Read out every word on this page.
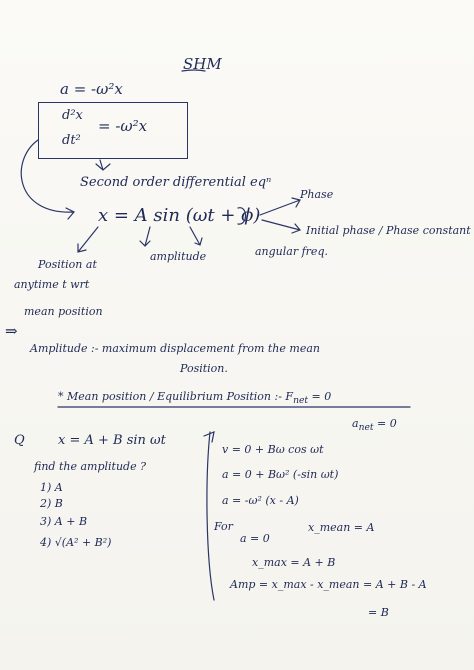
SHM
a = -ω²x
d²x
dt²
= -ω²x
Second order differential eqⁿ
x = A sin (ωt + ϕ)
Phase
Initial phase / Phase constant
amplitude	angular freq.
Position at
anytime t wrt
mean position
⇒
Amplitude :- maximum displacement from the mean
Position.
* Mean position / Equilibrium Position :- $F_{net} = 0$
$a_{net} = 0$
Q	x = A + B sin ωt
find the amplitude ?
1) A
2) B
3) A + B
4) √(A² + B²)
v = 0 + Bω cos ωt
a = 0 + Bω² (-sin ωt)
a = -ω² (x - A)
For
a = 0
x_mean = A
x_max = A + B
Amp = x_max - x_mean = A + B - A
= B
